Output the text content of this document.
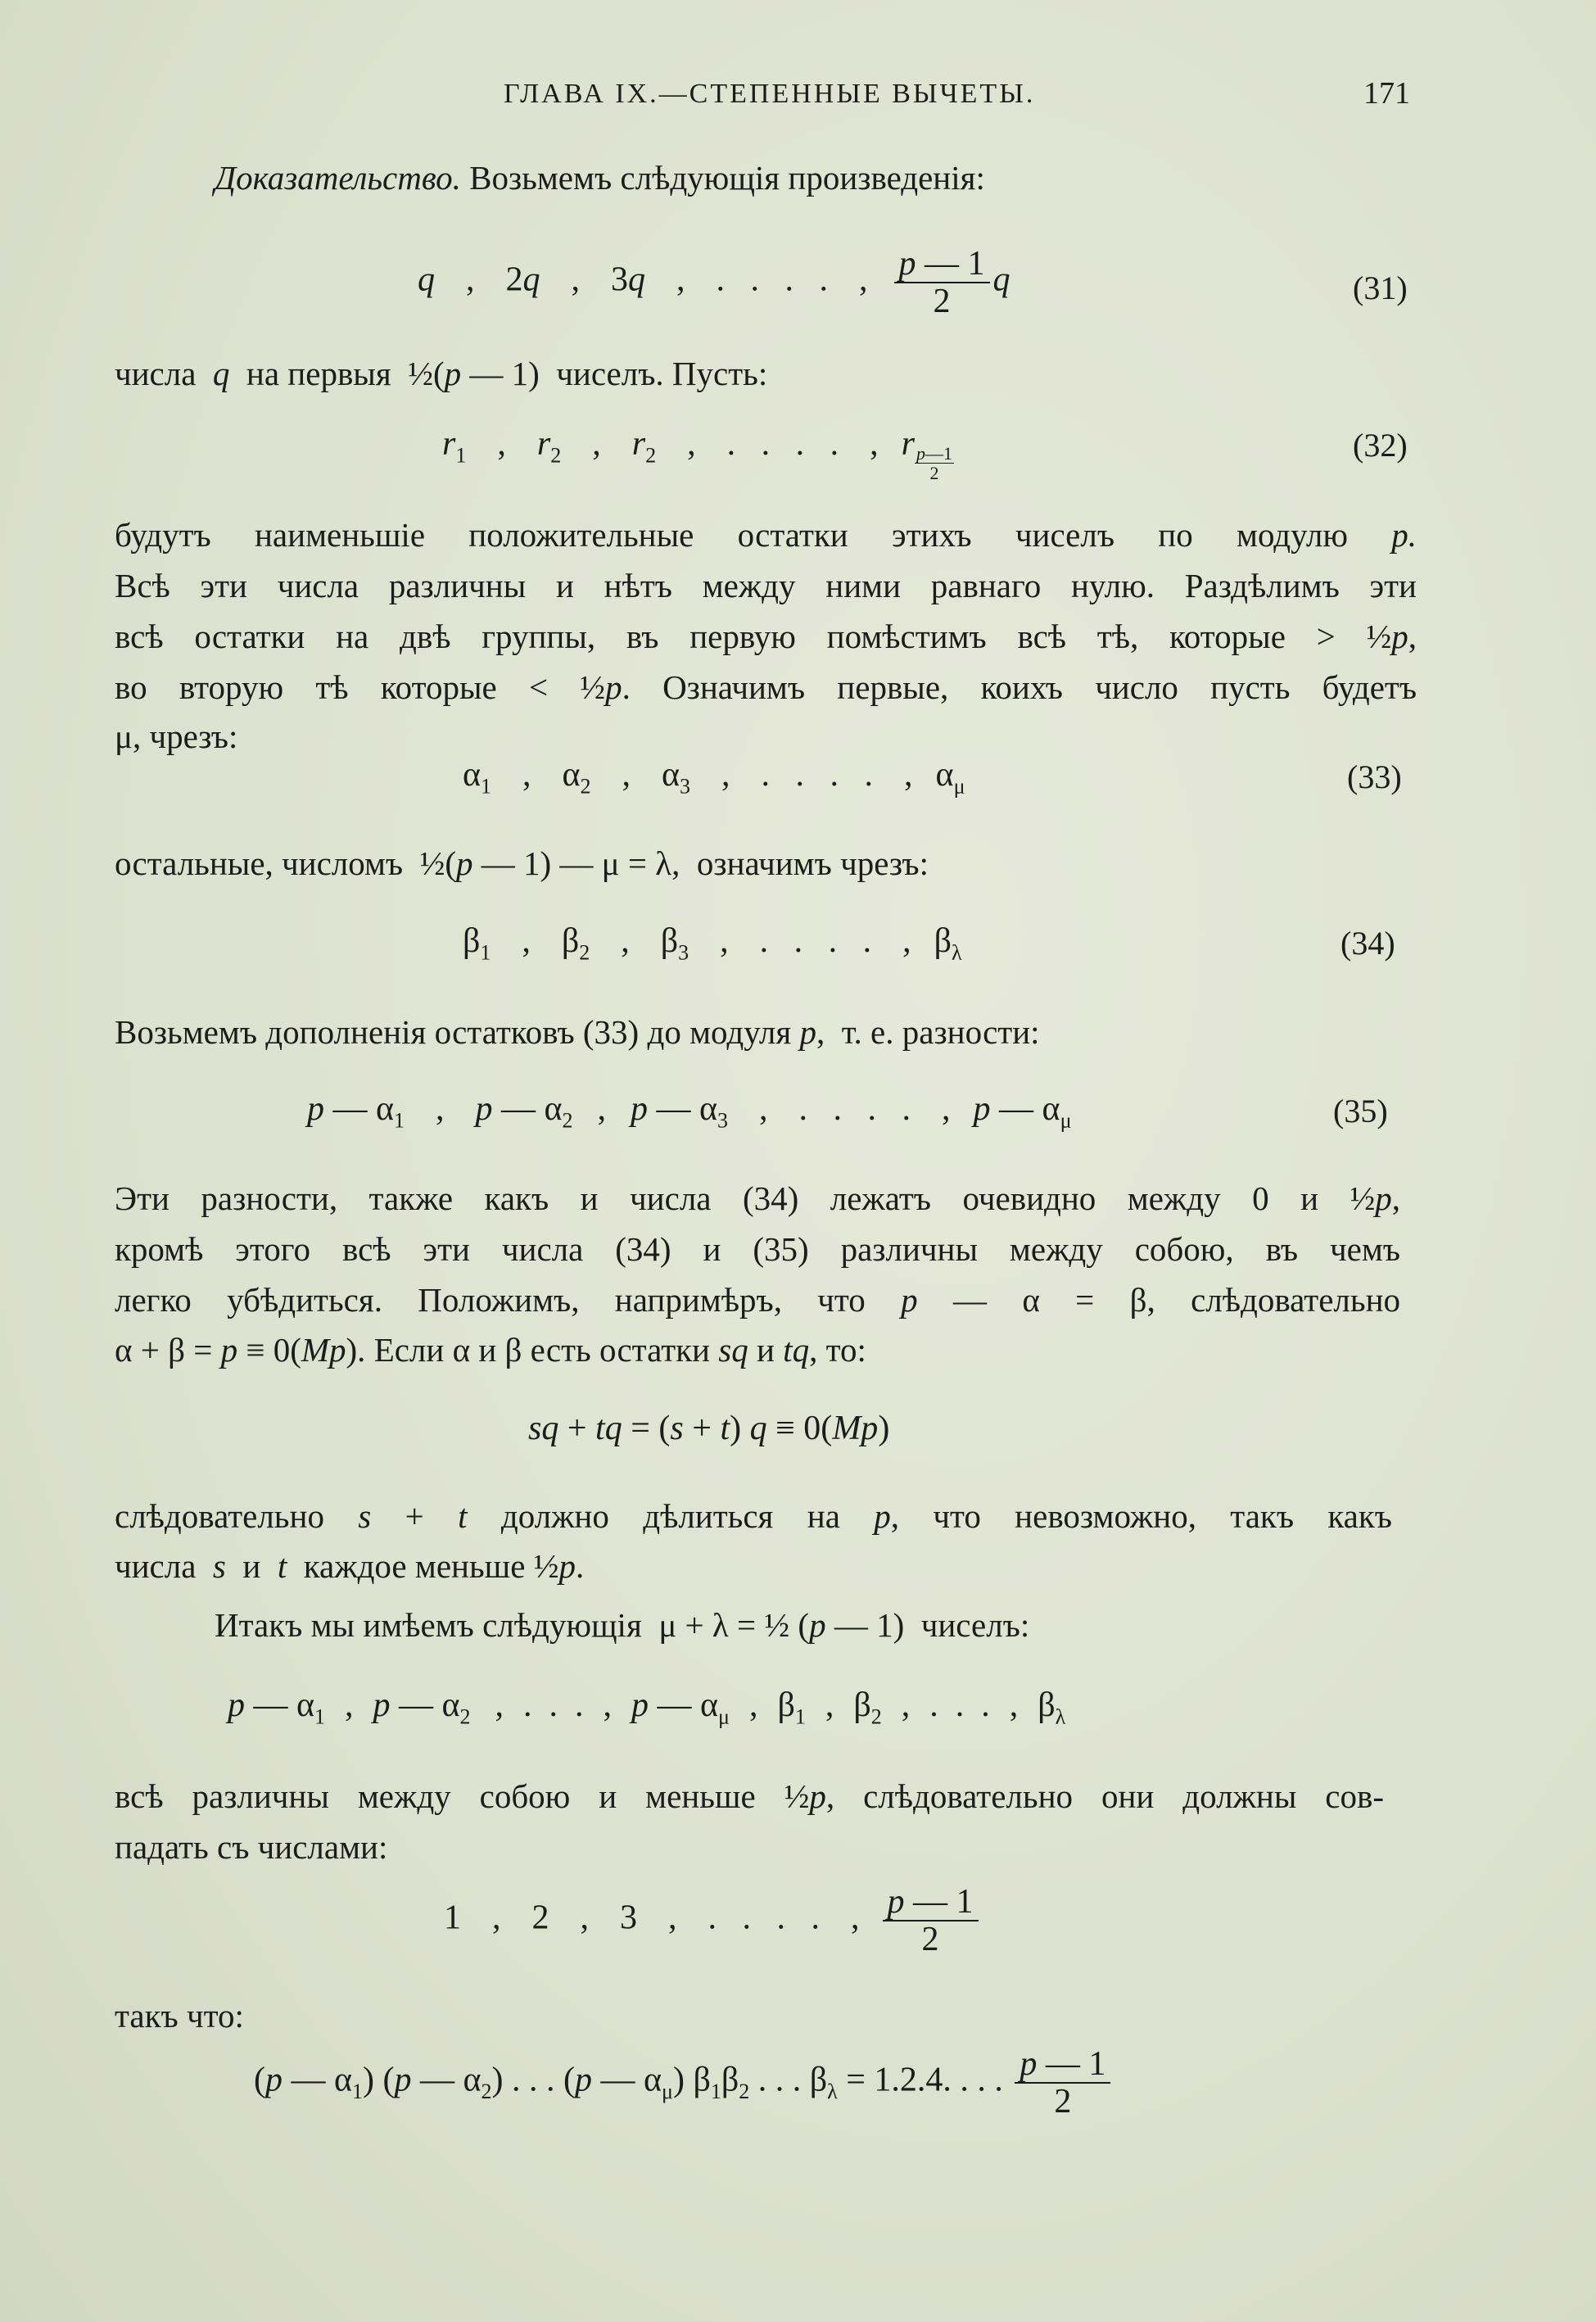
ГЛАВА IX.—СТЕПЕННЫЕ ВЫЧЕТЫ.	171
Доказательство. Возьмемъ слѣдующія произведенія:
q , 2q , 3q , .   .   .   . , $\frac{p — 1}{2}$ q	(31)
числа q на первыя  ½(p — 1)  чиселъ. Пусть:
$r_1$ , $r_2$ , $r_2$ , .   .   .   . , r $\frac{p—1}{2}$	(32)
будутъ наименьшіе положительные остатки этихъ чиселъ по модулю p.
Всѣ эти числа различны и нѣтъ между ними равнаго нулю. Раздѣлимъ эти
всѣ остатки на двѣ группы, въ первую помѣстимъ всѣ тѣ, которые > ½p,
во вторую тѣ которые < ½p. Означимъ первые, коихъ число пусть будетъ
μ, чрезъ:
$\alpha_1$ , $\alpha_2$ , $\alpha_3$ , .   .   .   . , $\alpha_\mu$	(33)
остальные, числомъ  ½(p — 1) — μ = λ,  означимъ чрезъ:
$\beta_1$ , $\beta_2$ , $\beta_3$ , .   .   .   . , $\beta_\lambda$	(34)
Возьмемъ дополненія остатковъ (33) до модуля p,  т. е. разности:
p — $\alpha_1$ , p — $\alpha_2$ , p — $\alpha_3$ , .   .   .   . , p — $\alpha_\mu$	(35)
Эти разности, также какъ и числа (34) лежатъ очевидно между 0 и ½p,
кромѣ этого всѣ эти числа (34) и (35) различны между собою, въ чемъ
легко убѣдиться. Положимъ, напримѣръ, что p — α = β, слѣдовательно
α + β = p ≡ 0(Mp). Если α и β есть остатки sq и tq, то:
sq + tq = (s + t) q ≡ 0(Mp)
слѣдовательно s + t должно дѣлиться на p, что невозможно, такъ какъ
числа s  и  t каждое меньше ½p.
Итакъ мы имѣемъ слѣдующія  μ + λ = ½ (p — 1)  чиселъ:
p — $\alpha_1$ , p — $\alpha_2$ , .  .  . , p — $\alpha_\mu$ , $\beta_1$ , $\beta_2$ , .  .  . , $\beta_\lambda$
всѣ различны между собою и меньше ½p, слѣдовательно они должны сов-
падать съ числами:
1 , 2 , 3 , .   .   .   . , $\frac{p — 1}{2}$
такъ что:
(p — $\alpha_1$) (p — $\alpha_2$) . . . (p — $\alpha_\mu$) $\beta_1\beta_2$ . . . $\beta_\lambda = 1.2.4$. . . . $\frac{p — 1}{2}$
